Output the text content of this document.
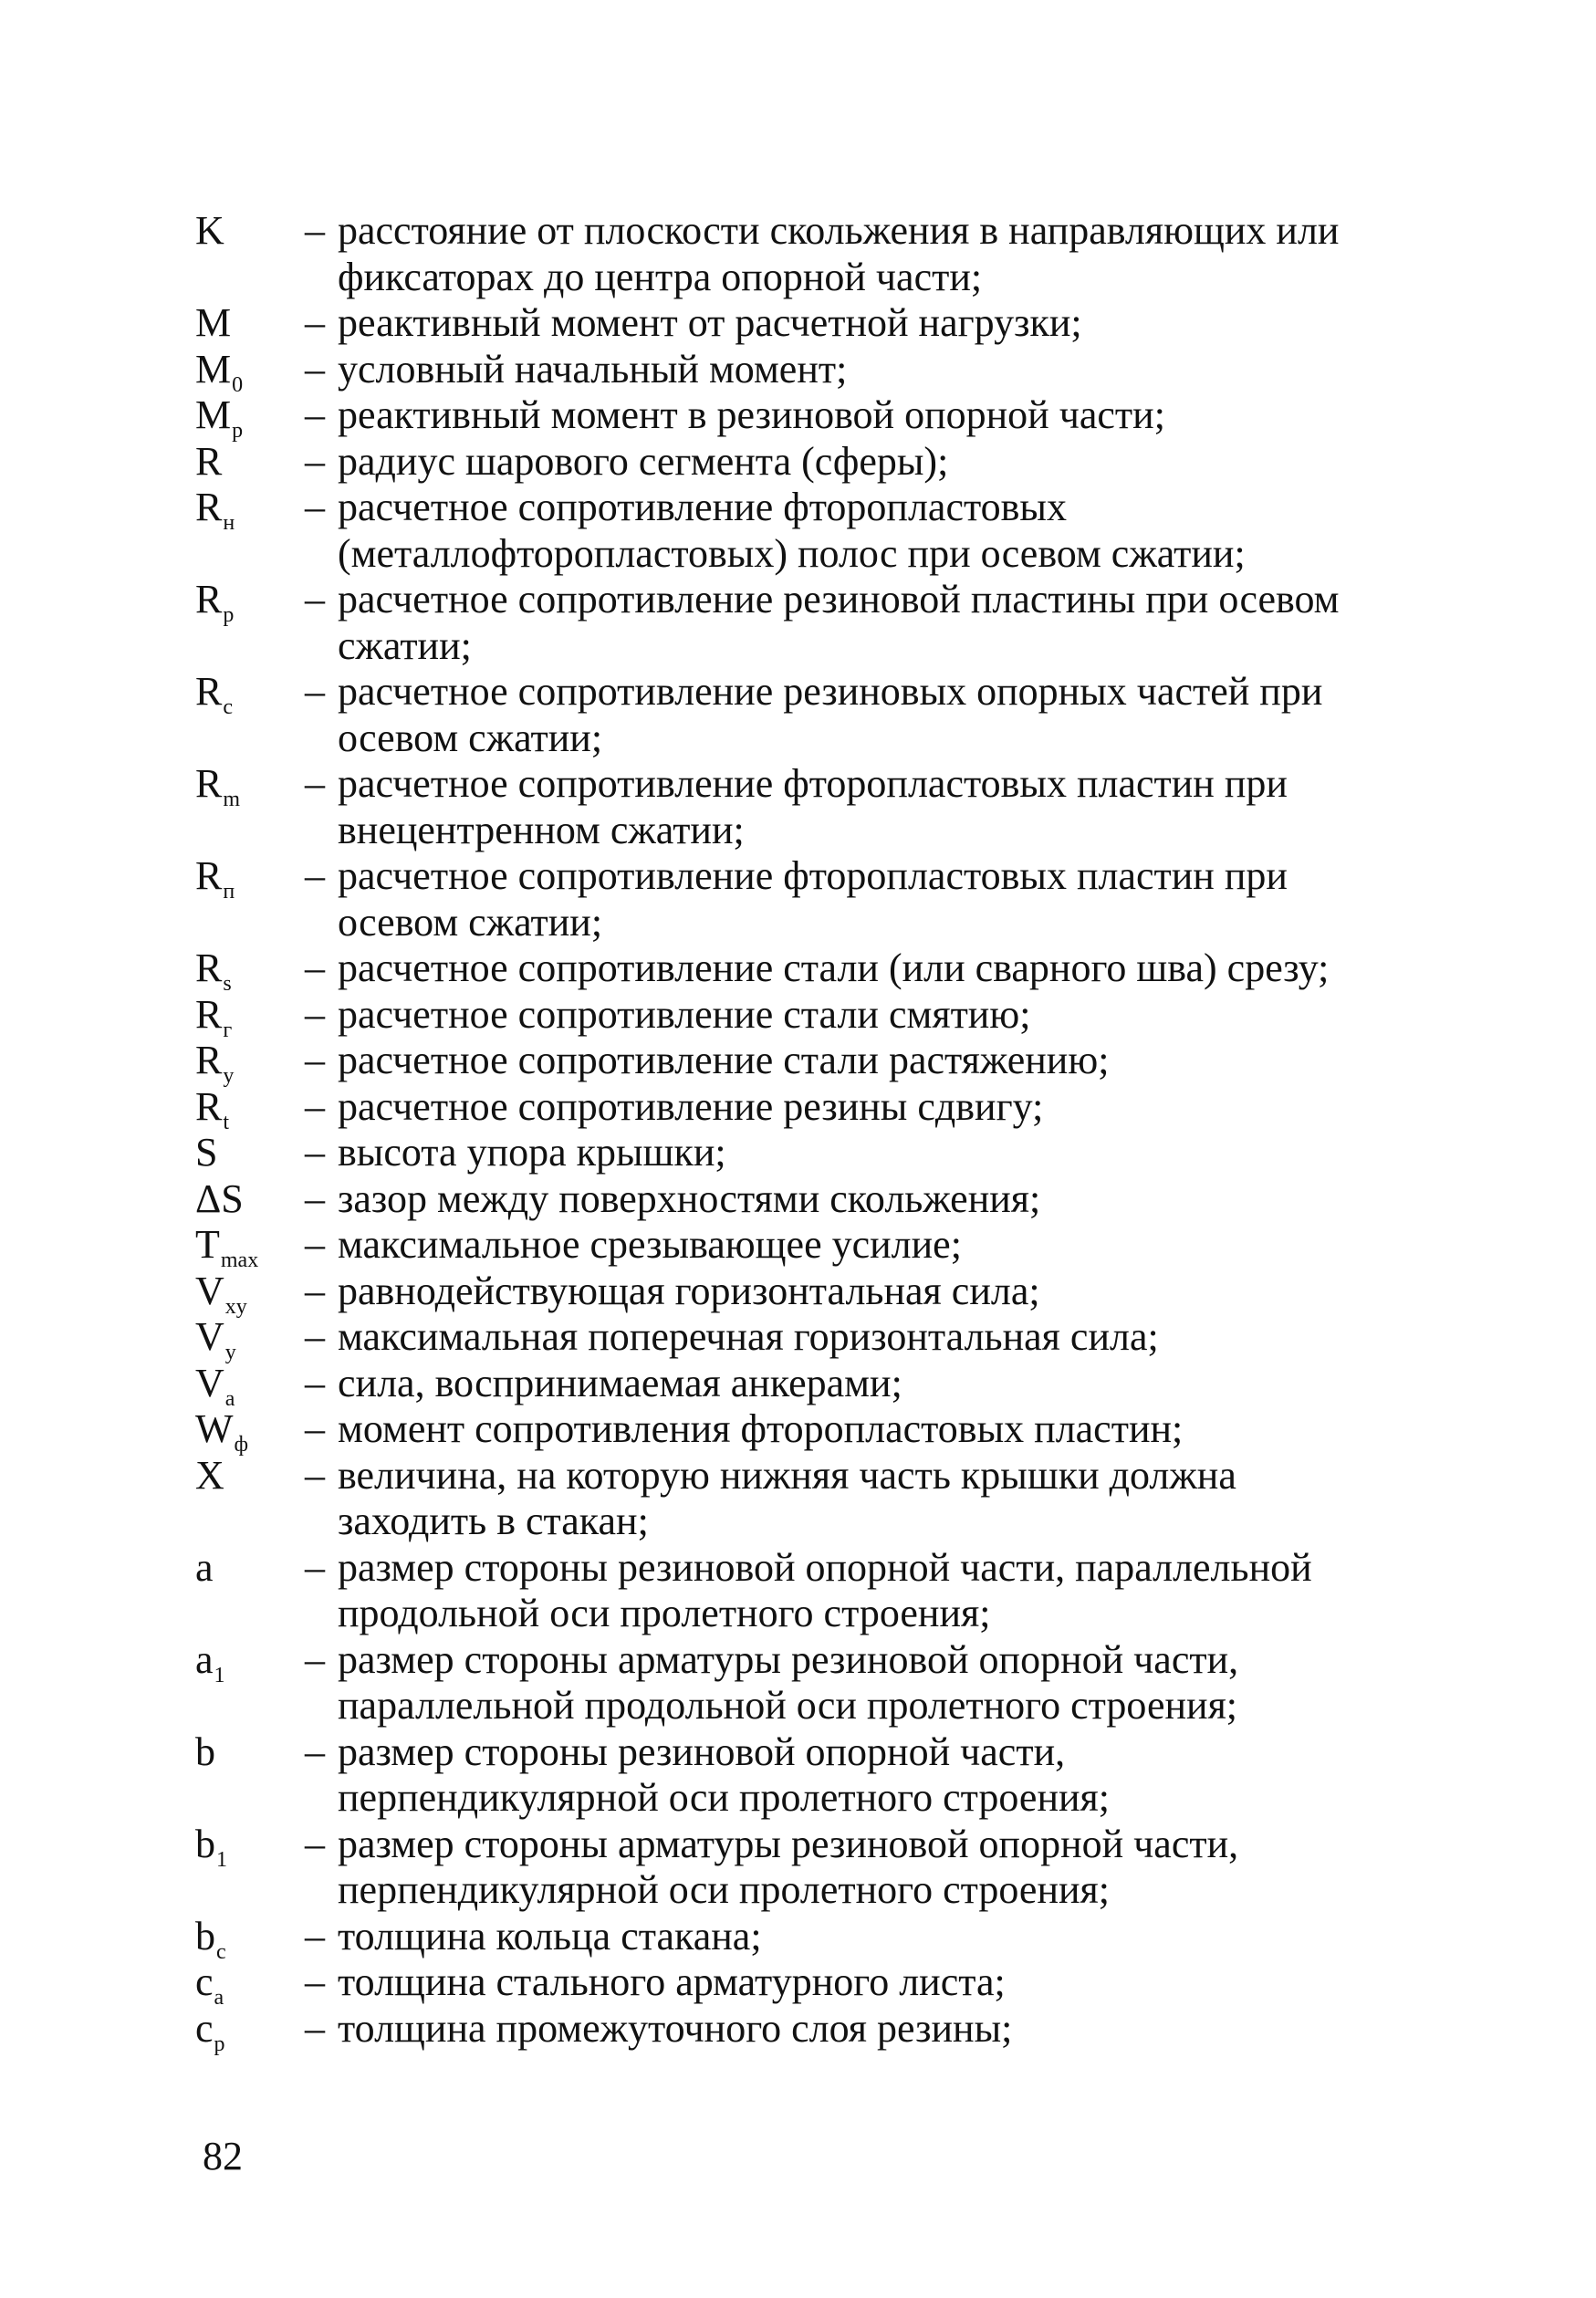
K	– расстояние от плоскости скольжения в направляющих или фиксаторах до центра опорной части;
M	– реактивный момент от расчетной нагрузки;
$M_0$	– условный начальный момент;
$M_р$	– реактивный момент в резиновой опорной части;
R	– радиус шарового сегмента (сферы);
$R_н$	– расчетное сопротивление фторопластовых (металлофторопластовых) полос при осевом сжатии;
$R_р$	– расчетное сопротивление резиновой пластины при осевом сжатии;
$R_с$	– расчетное сопротивление резиновых опорных частей при осевом сжатии;
$R_m$	– расчетное сопротивление фторопластовых пластин при внецентренном сжатии;
$R_п$	– расчетное сопротивление фторопластовых пластин при осевом сжатии;
$R_s$	– расчетное сопротивление стали (или сварного шва) срезу;
$R_г$	– расчетное сопротивление стали смятию;
$R_y$	– расчетное сопротивление стали растяжению;
$R_t$	– расчетное сопротивление резины сдвигу;
S	– высота упора крышки;
ΔS	– зазор между поверхностями скольжения;
$T_{max}$	– максимальное срезывающее усилие;
$V_{xy}$	– равнодействующая горизонтальная сила;
$V_y$	– максимальная поперечная горизонтальная сила;
$V_а$	– сила, воспринимаемая анкерами;
$W_ф$	– момент сопротивления фторопластовых пластин;
X	– величина, на которую нижняя часть крышки должна заходить в стакан;
a	– размер стороны резиновой опорной части, параллельной продольной оси пролетного строения;
$a_1$	– размер стороны арматуры резиновой опорной части, параллельной продольной оси пролетного строения;
b	– размер стороны резиновой опорной части, перпендикулярной оси пролетного строения;
$b_1$	– размер стороны арматуры резиновой опорной части, перпендикулярной оси пролетного строения;
$b_с$	– толщина кольца стакана;
$c_а$	– толщина стального арматурного листа;
$c_р$	– толщина промежуточного слоя резины;
82
